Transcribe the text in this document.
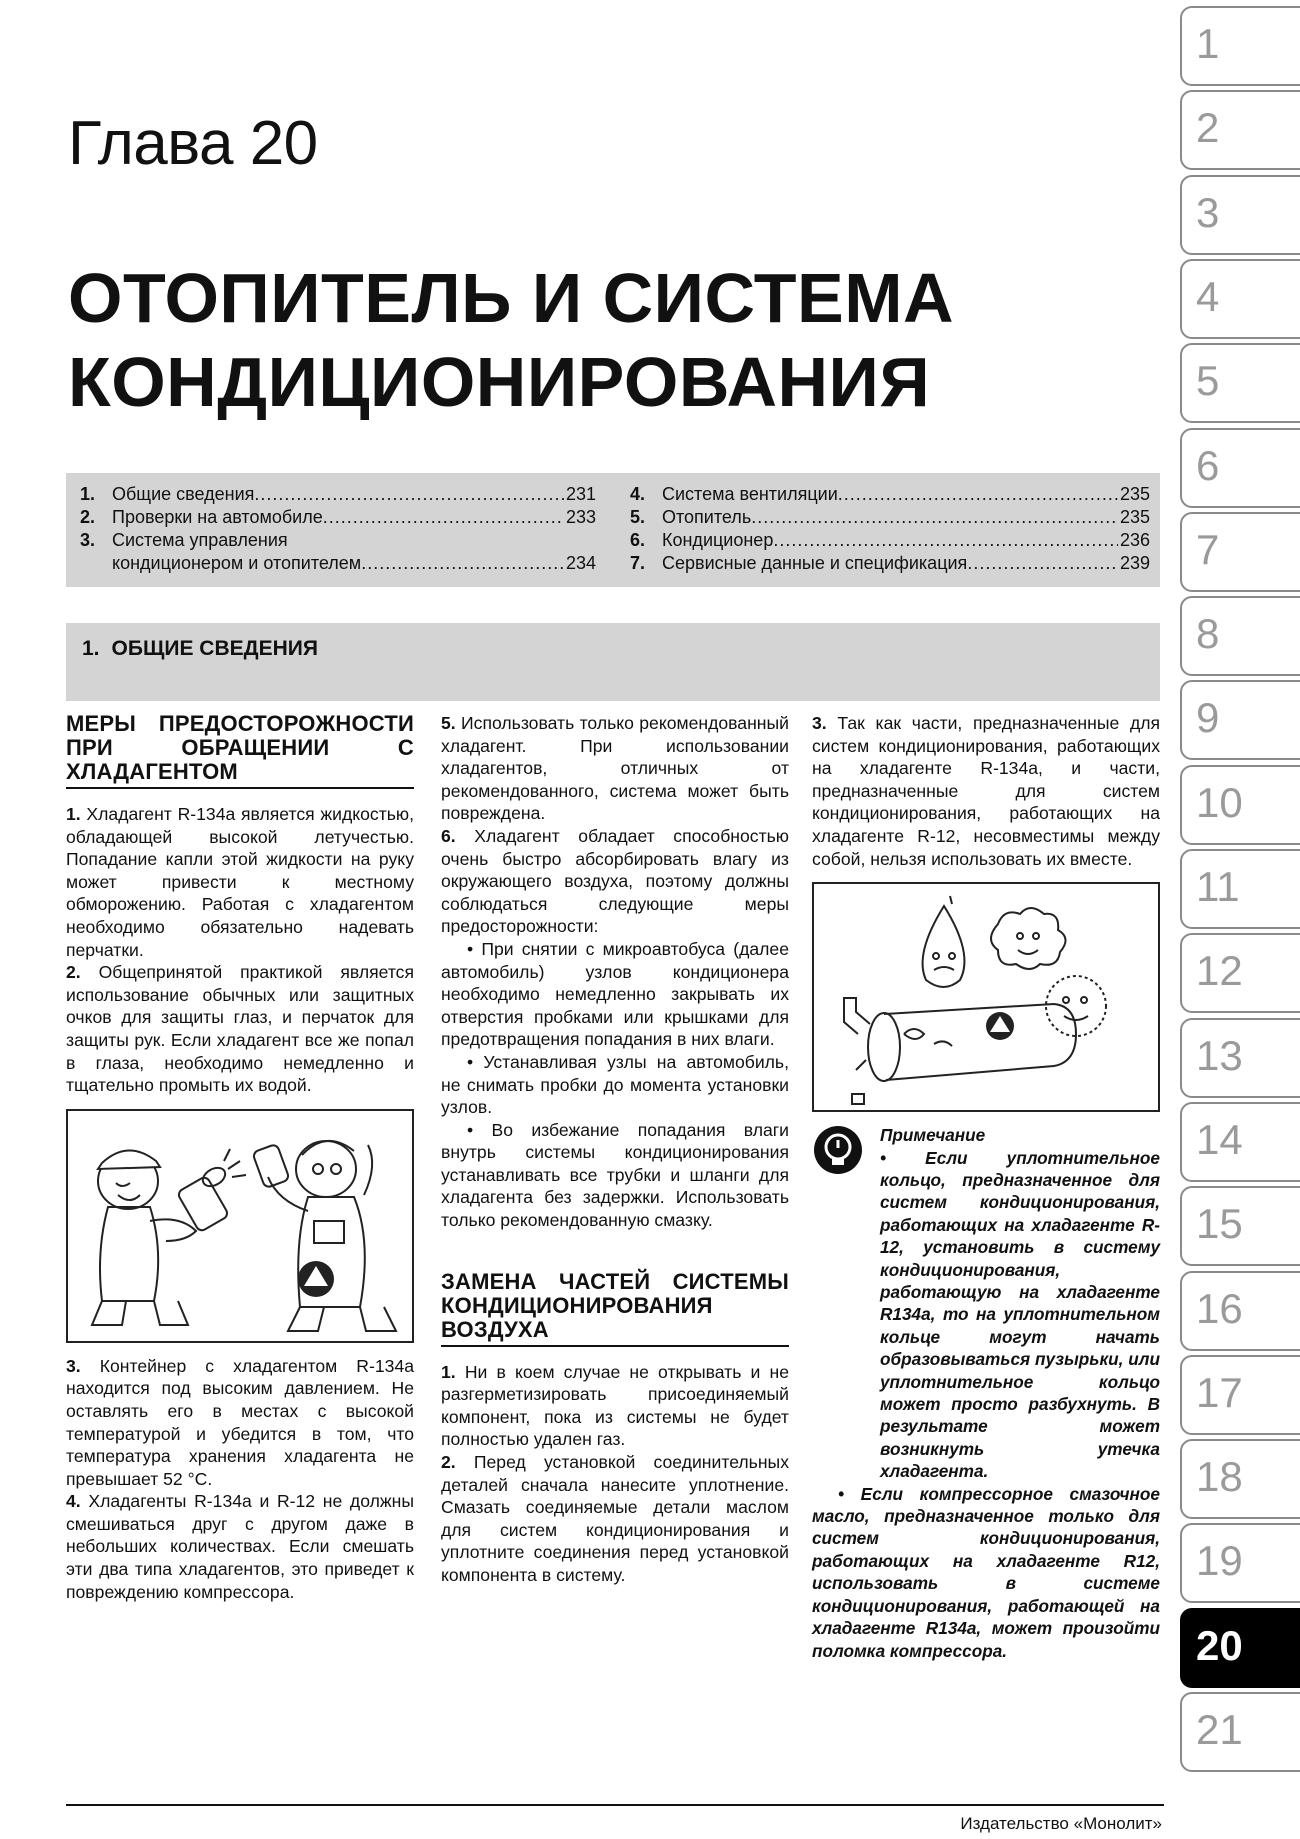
Глава 20
ОТОПИТЕЛЬ И СИСТЕМА
КОНДИЦИОНИРОВАНИЯ
1. Общие сведения .....	231
2. Проверки на автомобиле .....	233
3. Система управления
кондиционером и отопителем .....	234
4. Система вентиляции .....	235
5. Отопитель .....	235
6. Кондиционер .....	236
7. Сервисные данные и спецификация .....	239
1. ОБЩИЕ СВЕДЕНИЯ
МЕРЫ ПРЕДОСТОРОЖНОСТИ ПРИ ОБРАЩЕНИИ С ХЛАДАГЕНТОМ

1. Хладагент R-134a является жидкостью, обладающей высокой летучестью. Попадание капли этой жидкости на руку может привести к местному обморожению. Работая с хладагентом необходимо обязательно надевать перчатки.

2. Общепринятой практикой является использование обычных или защитных очков для защиты глаз, и перчаток для защиты рук. Если хладагент все же попал в глаза, необходимо немедленно и тщательно промыть их водой.

3. Контейнер с хладагентом R-134a находится под высоким давлением. Не оставлять его в местах с высокой температурой и убедится в том, что температура хранения хладагента не превышает 52 °С.

4. Хладагенты R-134a и R-12 не должны смешиваться друг с другом даже в небольших количествах. Если смешать эти два типа хладагентов, это приведет к повреждению компрессора.

5. Использовать только рекомендованный хладагент. При использовании хладагентов, отличных от рекомендованного, система может быть повреждена.

6. Хладагент обладает способностью очень быстро абсорбировать влагу из окружающего воздуха, поэтому должны соблюдаться следующие меры предосторожности:

• При снятии с микроавтобуса (далее автомобиль) узлов кондиционера необходимо немедленно закрывать их отверстия пробками или крышками для предотвращения попадания в них влаги.

• Устанавливая узлы на автомобиль, не снимать пробки до момента установки узлов.

• Во избежание попадания влаги внутрь системы кондиционирования устанавливать все трубки и шланги для хладагента без задержки. Использовать только рекомендованную смазку.

ЗАМЕНА ЧАСТЕЙ СИСТЕМЫ КОНДИЦИОНИРОВАНИЯ ВОЗДУХА

1. Ни в коем случае не открывать и не разгерметизировать присоединяемый компонент, пока из системы не будет полностью удален газ.

2. Перед установкой соединительных деталей сначала нанесите уплотнение. Смазать соединяемые детали маслом для систем кондиционирования и уплотните соединения перед установкой компонента в систему.

3. Так как части, предназначенные для систем кондиционирования, работающих на хладагенте R-134a, и части, предназначенные для систем кондиционирования, работающих на хладагенте R-12, несовместимы между собой, нельзя использовать их вместе.

Примечание

• Если уплотнительное кольцо, предназначенное для систем кондиционирования, работающих на хладагенте R-12, установить в систему кондиционирования, работающую на хладагенте R134a, то на уплотнительном кольце могут начать образовываться пузырьки, или уплотнительное кольцо может просто разбухнуть. В результате может возникнуть утечка хладагента.

• Если компрессорное смазочное масло, предназначенное только для систем кондиционирования, работающих на хладагенте R12, использовать в системе кондиционирования, работающей на хладагенте R134a, может произойти поломка компрессора.

Издательство «Монолит»
1
2
3
4
5
6
7
8
9
10
11
12
13
14
15
16
17
18
19
20
21
